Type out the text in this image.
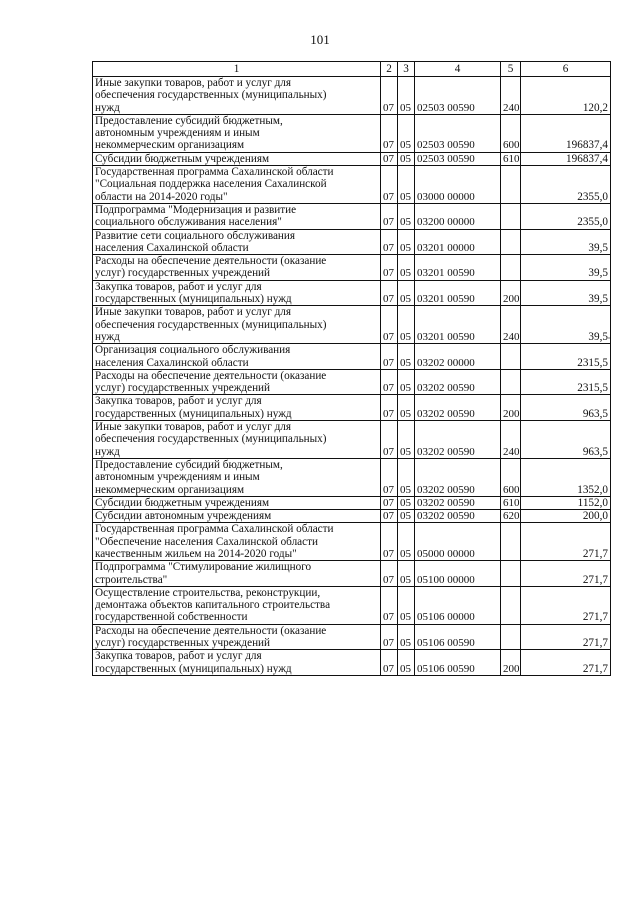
101
1	2	3	4	5	6
Иные закупки товаров, работ и услуг для
обеспечения государственных (муниципальных)
нужд	07	05	02503 00590	240	120,2
Предоставление субсидий бюджетным,
автономным учреждениям и иным
некоммерческим организациям	07	05	02503 00590	600	196837,4
Субсидии бюджетным учреждениям	07	05	02503 00590	610	196837,4
Государственная программа Сахалинской области
"Социальная поддержка населения Сахалинской
области на 2014-2020 годы"	07	05	03000 00000		2355,0
Подпрограмма "Модернизация и развитие
социального обслуживания населения"	07	05	03200 00000		2355,0
Развитие сети социального обслуживания
населения Сахалинской области	07	05	03201 00000		39,5
Расходы на обеспечение деятельности (оказание
услуг) государственных учреждений	07	05	03201 00590		39,5
Закупка товаров, работ и услуг для
государственных (муниципальных) нужд	07	05	03201 00590	200	39,5
Иные закупки товаров, работ и услуг для
обеспечения государственных (муниципальных)
нужд	07	05	03201 00590	240	39,5
Организация социального обслуживания
населения Сахалинской области	07	05	03202 00000		2315,5
Расходы на обеспечение деятельности (оказание
услуг) государственных учреждений	07	05	03202 00590		2315,5
Закупка товаров, работ и услуг для
государственных (муниципальных) нужд	07	05	03202 00590	200	963,5
Иные закупки товаров, работ и услуг для
обеспечения государственных (муниципальных)
нужд	07	05	03202 00590	240	963,5
Предоставление субсидий бюджетным,
автономным учреждениям и иным
некоммерческим организациям	07	05	03202 00590	600	1352,0
Субсидии бюджетным учреждениям	07	05	03202 00590	610	1152,0
Субсидии автономным учреждениям	07	05	03202 00590	620	200,0
Государственная программа Сахалинской области
"Обеспечение населения Сахалинской области
качественным жильем на 2014-2020 годы"	07	05	05000 00000		271,7
Подпрограмма "Стимулирование жилищного
строительства"	07	05	05100 00000		271,7
Осуществление строительства, реконструкции,
демонтажа объектов капитального строительства
государственной собственности	07	05	05106 00000		271,7
Расходы на обеспечение деятельности (оказание
услуг) государственных учреждений	07	05	05106 00590		271,7
Закупка товаров, работ и услуг для
государственных (муниципальных) нужд	07	05	05106 00590	200	271,7
